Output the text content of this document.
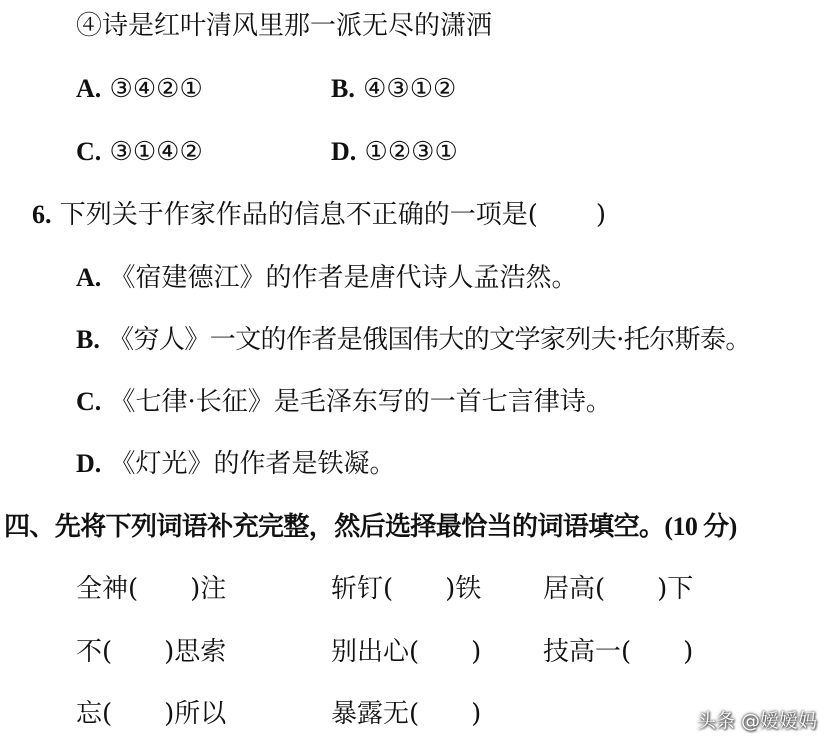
④诗是红叶清风里那一派无尽的潇洒
A. ③④②①	B. ④③①②
C. ③①④②	D. ①②③①
6. 下列关于作家作品的信息不正确的一项是( )
A. 《宿建德江》的作者是唐代诗人孟浩然。
B. 《穷人》一文的作者是俄国伟大的文学家列夫·托尔斯泰。
C. 《七律·长征》是毛泽东写的一首七言律诗。
D. 《灯光》的作者是铁凝。
四、先将下列词语补充完整，然后选择最恰当的词语填空。(10 分)
全神(　　)注	斩钉(　　)铁 居高(　　)下
不(　　)思索	别出心(　　) 技高一(　　)
忘(　　)所以	暴露无(　　)	头条 @嫒嫒妈
